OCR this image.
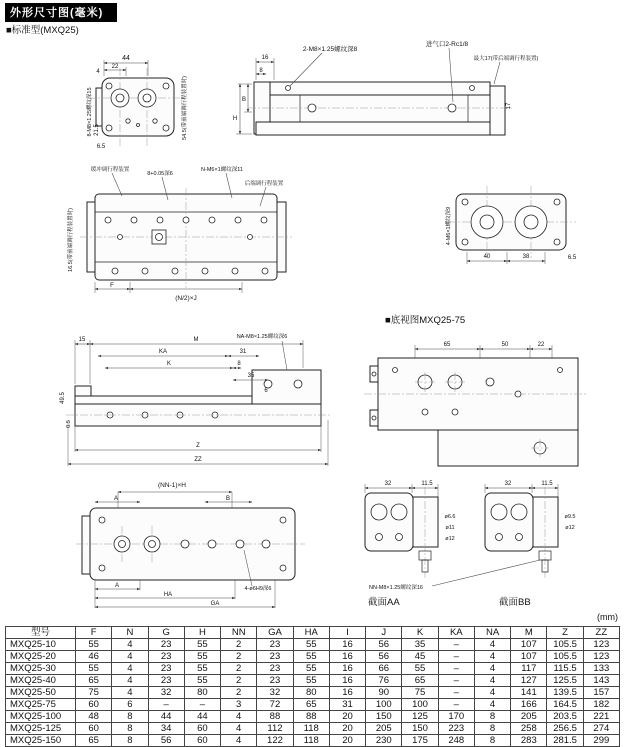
外形尺寸图(毫米)
■标准型(MXQ25)
44
22
4
8-M8×1.25螺纹深15 21.5
6.5
54.5(带前端调行程装置时)
16
8
B
H
2-M8×1.25螺纹深8
进气口2-Rc1/8
最大17(带后端调行程装置)
17
缓冲调行程装置
8+0.05深6
N-M6×1螺纹深11
后端调行程装置
16.5(带前端调行程装置时)
F
(N/2)×J
4-M6×1螺纹深9
40	38	6.5
65	50	22
15	M
KA	31
K	8
35
6
49.5
0.5
NA-M8×1.25螺纹深6
Z
ZZ
(NN-1)×H
A	B
A
HA
GA
4-ø6H9深6
32	11.5
ø6.6
ø11
ø12
32	11.5
ø9.5
ø12
NN-M8×1.25螺纹深16
■底视图MXQ25-75
截面AA	截面BB
(mm)
型号	F	N	G	H	NN	GA	HA	I	J	K	KA	NA	M	Z	ZZ
MXQ25-10	55	4	23	55	2	23	55	16	56	35	–	4	107	105.5	123
MXQ25-20	46	4	23	55	2	23	55	16	56	45	–	4	107	105.5	123
MXQ25-30	55	4	23	55	2	23	55	16	66	55	–	4	117	115.5	133
MXQ25-40	65	4	23	55	2	23	55	16	76	65	–	4	127	125.5	143
MXQ25-50	75	4	32	80	2	32	80	16	90	75	–	4	141	139.5	157
MXQ25-75	60	6	–	–	3	72	65	31	100	100	–	4	166	164.5	182
MXQ25-100	48	8	44	44	4	88	88	20	150	125	170	8	205	203.5	221
MXQ25-125	60	8	34	60	4	112	118	20	205	150	223	8	258	256.5	274
MXQ25-150	65	8	56	60	4	122	118	20	230	175	248	8	283	281.5	299
